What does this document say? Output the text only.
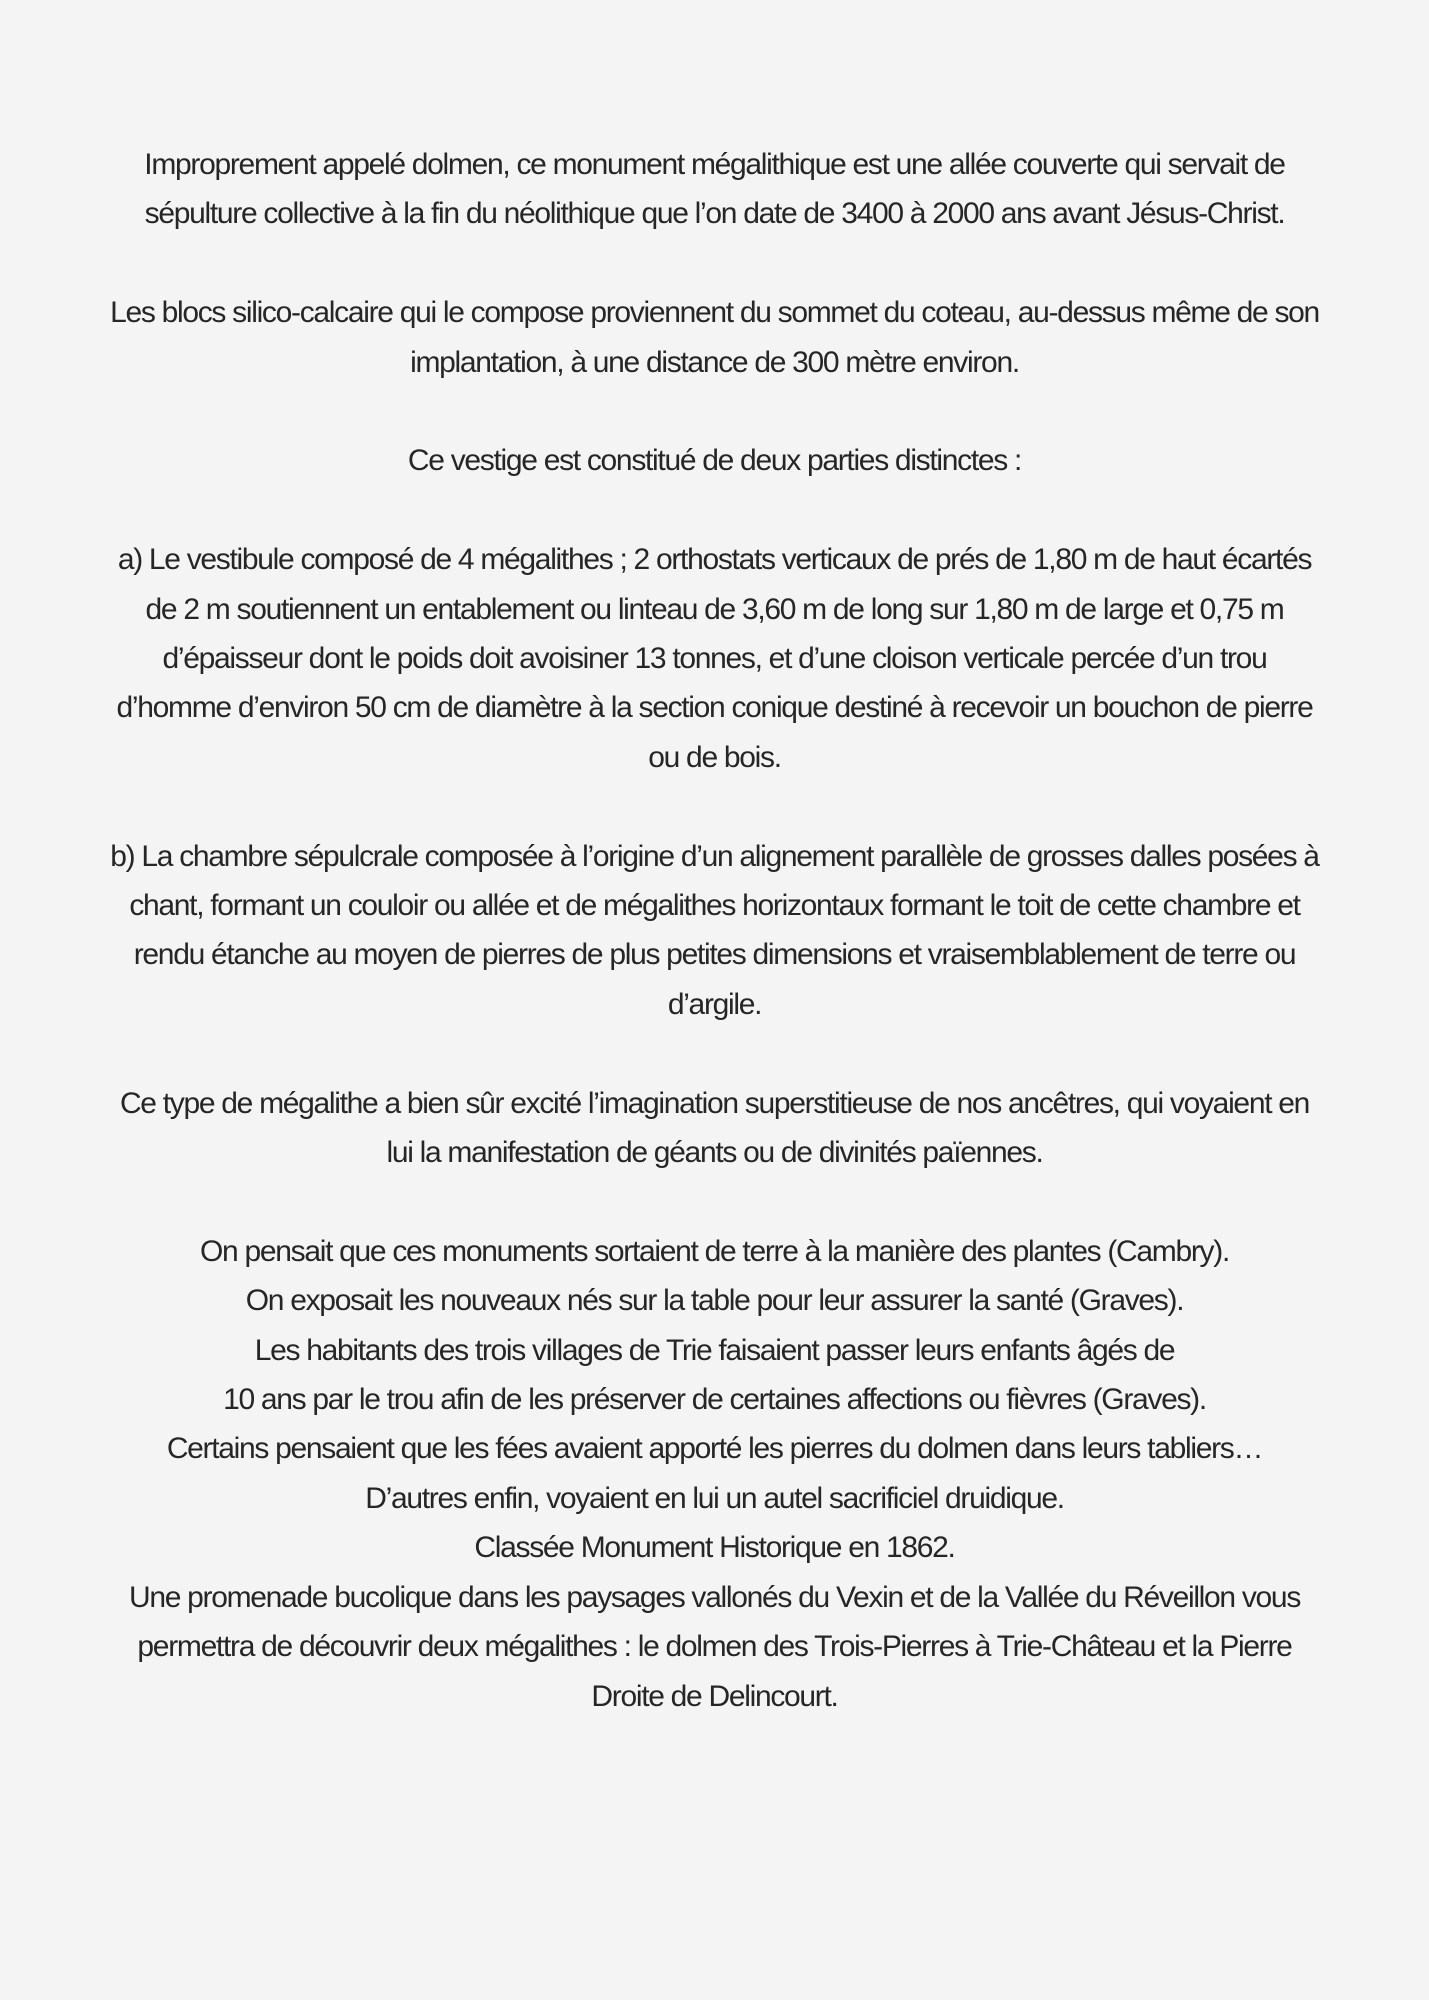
Improprement appelé dolmen, ce monument mégalithique est une allée couverte qui servait de
sépulture collective à la fin du néolithique que l’on date de 3400 à 2000 ans avant Jésus-Christ.

Les blocs silico-calcaire qui le compose proviennent du sommet du coteau, au-dessus même de son
implantation, à une distance de 300 mètre environ.

Ce vestige est constitué de deux parties distinctes :

a) Le vestibule composé de 4 mégalithes ; 2 orthostats verticaux de prés de 1,80 m de haut écartés
de 2 m soutiennent un entablement ou linteau de 3,60 m de long sur 1,80 m de large et 0,75 m
d’épaisseur dont le poids doit avoisiner 13 tonnes, et d’une cloison verticale percée d’un trou
d’homme d’environ 50 cm de diamètre à la section conique destiné à recevoir un bouchon de pierre
ou de bois.

b) La chambre sépulcrale composée à l’origine d’un alignement parallèle de grosses dalles posées à
chant, formant un couloir ou allée et de mégalithes horizontaux formant le toit de cette chambre et
rendu étanche au moyen de pierres de plus petites dimensions et vraisemblablement de terre ou
d’argile.

Ce type de mégalithe a bien sûr excité l’imagination superstitieuse de nos ancêtres, qui voyaient en
lui la manifestation de géants ou de divinités païennes.

On pensait que ces monuments sortaient de terre à la manière des plantes (Cambry).

On exposait les nouveaux nés sur la table pour leur assurer la santé (Graves).

Les habitants des trois villages de Trie faisaient passer leurs enfants âgés de

10 ans par le trou afin de les préserver de certaines affections ou fièvres (Graves).

Certains pensaient que les fées avaient apporté les pierres du dolmen dans leurs tabliers…

D’autres enfin, voyaient en lui un autel sacrificiel druidique.

Classée Monument Historique en 1862.

Une promenade bucolique dans les paysages vallonés du Vexin et de la Vallée du Réveillon vous
permettra de découvrir deux mégalithes : le dolmen des Trois-Pierres à Trie-Château et la Pierre
Droite de Delincourt.
